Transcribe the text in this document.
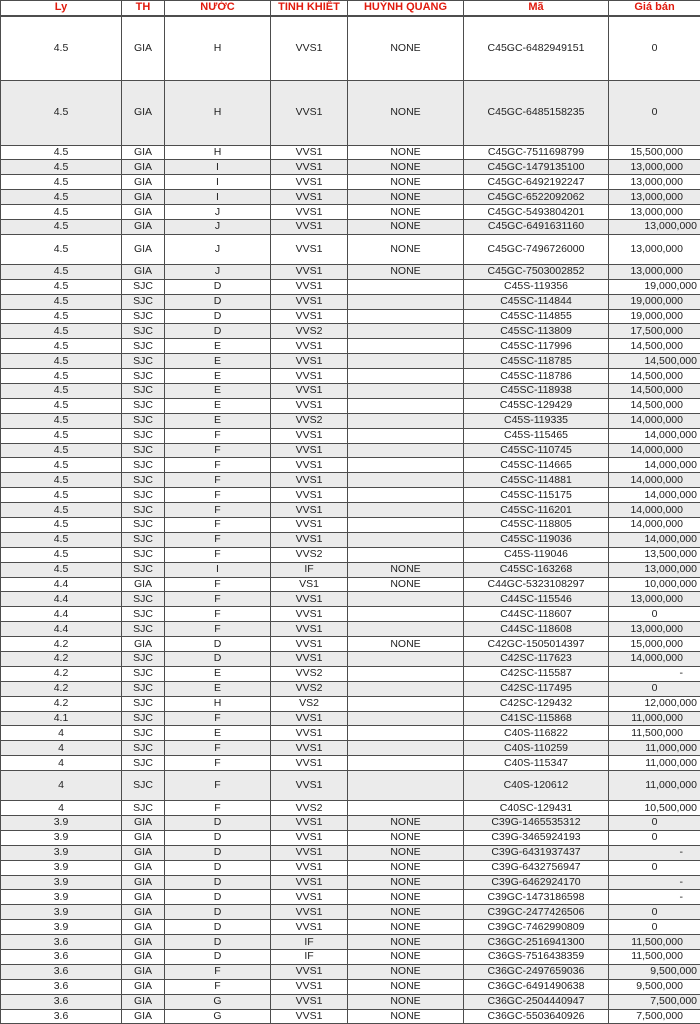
Ly	TH	NƯỚC	TINH KHIẾT	HUỲNH QUANG	Mã	Giá bán
4.5	GIA	H	VVS1	NONE	C45GC-6482949151	0
4.5	GIA	H	VVS1	NONE	C45GC-6485158235	0
4.5	GIA	H	VVS1	NONE	C45GC-7511698799	15,500,000
4.5	GIA	I	VVS1	NONE	C45GC-1479135100	13,000,000
4.5	GIA	I	VVS1	NONE	C45GC-6492192247	13,000,000
4.5	GIA	I	VVS1	NONE	C45GC-6522092062	13,000,000
4.5	GIA	J	VVS1	NONE	C45GC-5493804201	13,000,000
4.5	GIA	J	VVS1	NONE	C45GC-6491631160	13,000,000
4.5	GIA	J	VVS1	NONE	C45GC-7496726000	13,000,000
4.5	GIA	J	VVS1	NONE	C45GC-7503002852	13,000,000
4.5	SJC	D	VVS1		C45S-119356	19,000,000
4.5	SJC	D	VVS1		C45SC-114844	19,000,000
4.5	SJC	D	VVS1		C45SC-114855	19,000,000
4.5	SJC	D	VVS2		C45SC-113809	17,500,000
4.5	SJC	E	VVS1		C45SC-117996	14,500,000
4.5	SJC	E	VVS1		C45SC-118785	14,500,000
4.5	SJC	E	VVS1		C45SC-118786	14,500,000
4.5	SJC	E	VVS1		C45SC-118938	14,500,000
4.5	SJC	E	VVS1		C45SC-129429	14,500,000
4.5	SJC	E	VVS2		C45S-119335	14,000,000
4.5	SJC	F	VVS1		C45S-115465	14,000,000
4.5	SJC	F	VVS1		C45SC-110745	14,000,000
4.5	SJC	F	VVS1		C45SC-114665	14,000,000
4.5	SJC	F	VVS1		C45SC-114881	14,000,000
4.5	SJC	F	VVS1		C45SC-115175	14,000,000
4.5	SJC	F	VVS1		C45SC-116201	14,000,000
4.5	SJC	F	VVS1		C45SC-118805	14,000,000
4.5	SJC	F	VVS1		C45SC-119036	14,000,000
4.5	SJC	F	VVS2		C45S-119046	13,500,000
4.5	SJC	I	IF	NONE	C45SC-163268	13,000,000
4.4	GIA	F	VS1	NONE	C44GC-5323108297	10,000,000
4.4	SJC	F	VVS1		C44SC-115546	13,000,000
4.4	SJC	F	VVS1		C44SC-118607	0
4.4	SJC	F	VVS1		C44SC-118608	13,000,000
4.2	GIA	D	VVS1	NONE	C42GC-1505014397	15,000,000
4.2	SJC	D	VVS1		C42SC-117623	14,000,000
4.2	SJC	E	VVS2		C42SC-115587	-
4.2	SJC	E	VVS2		C42SC-117495	0
4.2	SJC	H	VS2		C42SC-129432	12,000,000
4.1	SJC	F	VVS1		C41SC-115868	11,000,000
4	SJC	E	VVS1		C40S-116822	11,500,000
4	SJC	F	VVS1		C40S-110259	11,000,000
4	SJC	F	VVS1		C40S-115347	11,000,000
4	SJC	F	VVS1		C40S-120612	11,000,000
4	SJC	F	VVS2		C40SC-129431	10,500,000
3.9	GIA	D	VVS1	NONE	C39G-1465535312	0
3.9	GIA	D	VVS1	NONE	C39G-3465924193	0
3.9	GIA	D	VVS1	NONE	C39G-6431937437	-
3.9	GIA	D	VVS1	NONE	C39G-6432756947	0
3.9	GIA	D	VVS1	NONE	C39G-6462924170	-
3.9	GIA	D	VVS1	NONE	C39GC-1473186598	-
3.9	GIA	D	VVS1	NONE	C39GC-2477426506	0
3.9	GIA	D	VVS1	NONE	C39GC-7462990809	0
3.6	GIA	D	IF	NONE	C36GC-2516941300	11,500,000
3.6	GIA	D	IF	NONE	C36GS-7516438359	11,500,000
3.6	GIA	F	VVS1	NONE	C36GC-2497659036	9,500,000
3.6	GIA	F	VVS1	NONE	C36GC-6491490638	9,500,000
3.6	GIA	G	VVS1	NONE	C36GC-2504440947	7,500,000
3.6	GIA	G	VVS1	NONE	C36GC-5503640926	7,500,000
